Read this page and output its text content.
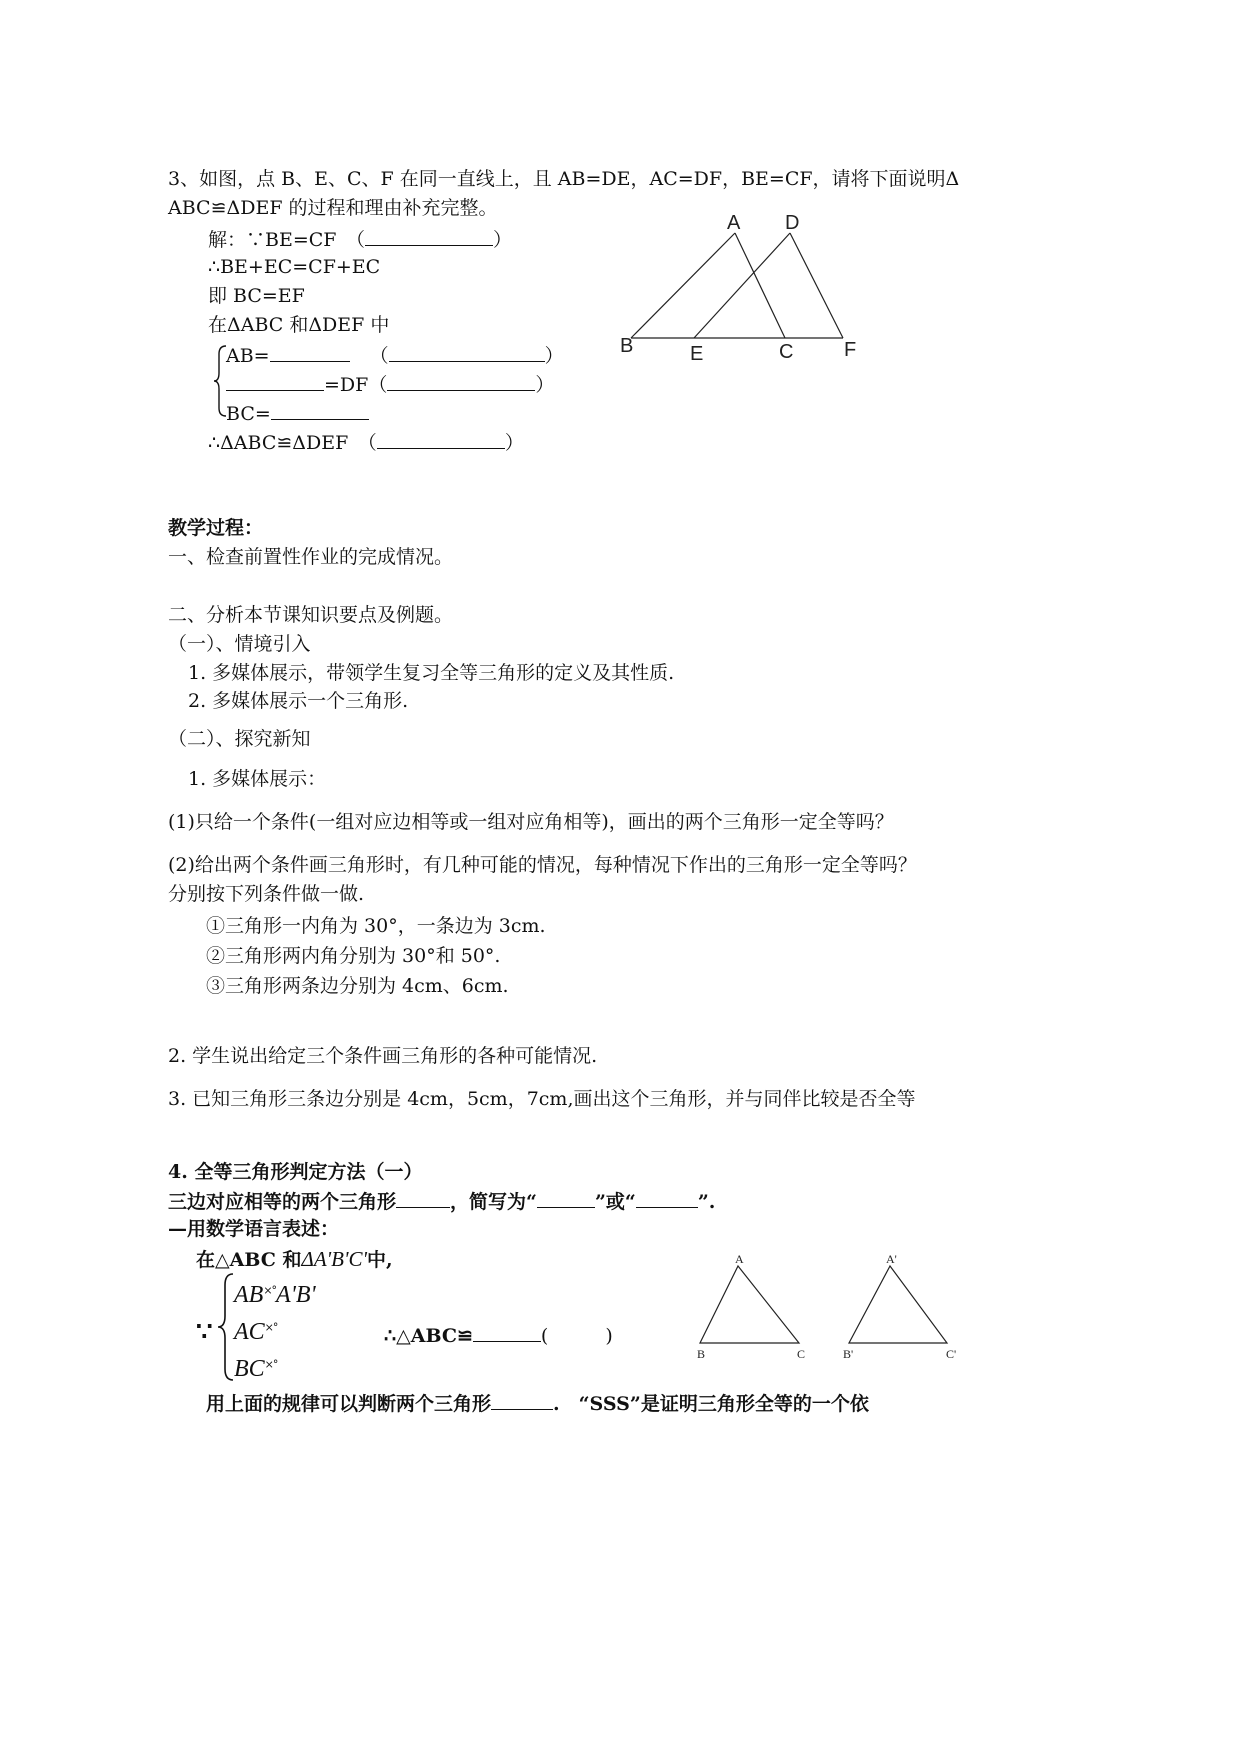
3、如图，点 B、E、C、F 在同一直线上，且 AB=DE，AC=DF，BE=CF，请将下面说明Δ
ABC≌ΔDEF 的过程和理由补充完整。
解：∵BE=CF　（	）
∴BE+EC=CF+EC
即 BC=EF
在ΔABC 和ΔDEF 中
AB=	（	）
=DF（	）
BC=
∴ΔABC≌ΔDEF　（	）
教学过程：
一、检查前置性作业的完成情况。
二、分析本节课知识要点及例题。
（一）、情境引入
1. 多媒体展示，带领学生复习全等三角形的定义及其性质.
2. 多媒体展示一个三角形.
（二）、探究新知
1. 多媒体展示：
(1)只给一个条件(一组对应边相等或一组对应角相等)，画出的两个三角形一定全等吗？
(2)给出两个条件画三角形时，有几种可能的情况，每种情况下作出的三角形一定全等吗？
分别按下列条件做一做.
①三角形一内角为 30°，一条边为 3cm.
②三角形两内角分别为 30°和 50°.
③三角形两条边分别为 4cm、6cm.
2. 学生说出给定三个条件画三角形的各种可能情况.
3. 已知三角形三条边分别是 4cm，5cm，7cm,画出这个三角形，并与同伴比较是否全等
4. 全等三角形判定方法（一）
三边对应相等的两个三角形	，简写为“	”或“	”.
—用数学语言表述：
在△ABC 和ΔA'B'C'中,
∵
AB×°A'B'
AC×°
BC×°
∴△ABC≌	(　　　)
用上面的规律可以判断两个三角形	.　“SSS”是证明三角形全等的一个依
A D
B	E	C	F
A
B	C
A'
B'	C'
